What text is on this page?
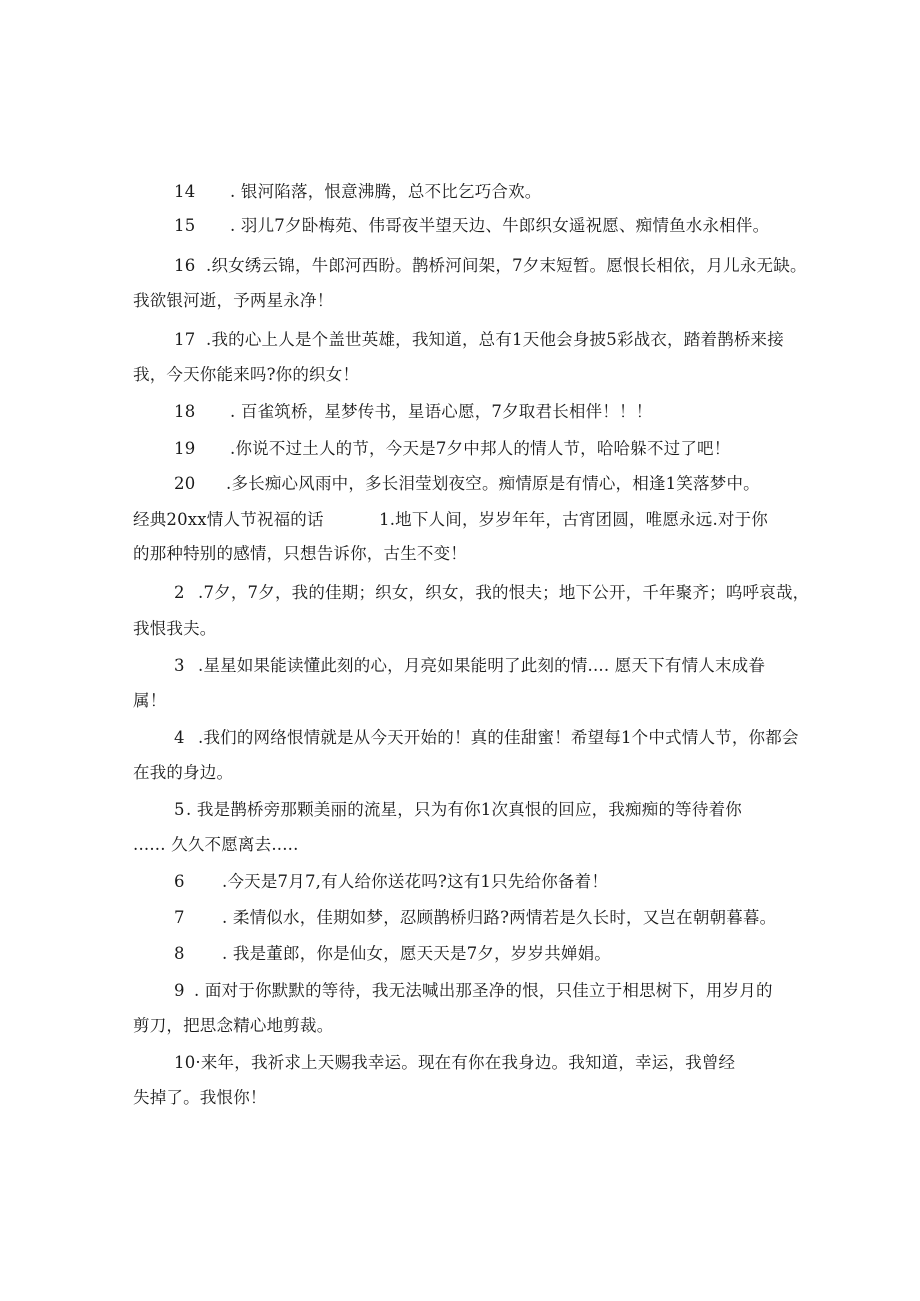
14 . 银河陷落，恨意沸腾，总不比乞巧合欢。
15 . 羽儿7夕卧梅苑、伟哥夜半望天边、牛郎织女遥祝愿、痴情鱼水永相伴。
16 .织女绣云锦，牛郎河西盼。鹊桥河间架，7夕末短暂。愿恨长相依，月儿永无缺。
我欲银河逝，予两星永净！
17 .我的心上人是个盖世英雄，我知道，总有1天他会身披5彩战衣，踏着鹊桥来接
我，今天你能来吗?你的织女！
18 . 百雀筑桥，星梦传书，星语心愿，7夕取君长相伴！！！
19 .你说不过土人的节，今天是7夕中邦人的情人节，哈哈躲不过了吧！
20 .多长痴心风雨中，多长泪莹划夜空。痴情原是有情心，相逢1笑落梦中。
经典20xx情人节祝福的话	1.地下人间，岁岁年年，古宵团圆，唯愿永远.对于你
的那种特别的感情，只想告诉你，古生不变！
2 .7夕，7夕，我的佳期；织女，织女，我的恨夫；地下公开，千年聚齐；呜呼哀哉，
我恨我夫。
3 .星星如果能读懂此刻的心，月亮如果能明了此刻的情.... 愿天下有情人末成眷
属！
4 .我们的网络恨情就是从今天开始的！真的佳甜蜜！希望每1个中式情人节，你都会
在我的身边。
5. 我是鹊桥旁那颗美丽的流星，只为有你1次真恨的回应，我痴痴的等待着你
...... 久久不愿离去.....
6 .今天是7月7,有人给你送花吗?这有1只先给你备着！
7 . 柔情似水，佳期如梦，忍顾鹊桥归路?两情若是久长时，又岂在朝朝暮暮。
8 . 我是董郎，你是仙女，愿天天是7夕，岁岁共婵娟。
9 . 面对于你默默的等待，我无法喊出那圣净的恨，只佳立于相思树下，用岁月的
剪刀，把思念精心地剪裁。
10·来年，我祈求上天赐我幸运。现在有你在我身边。我知道，幸运，我曾经
失掉了。我恨你！
